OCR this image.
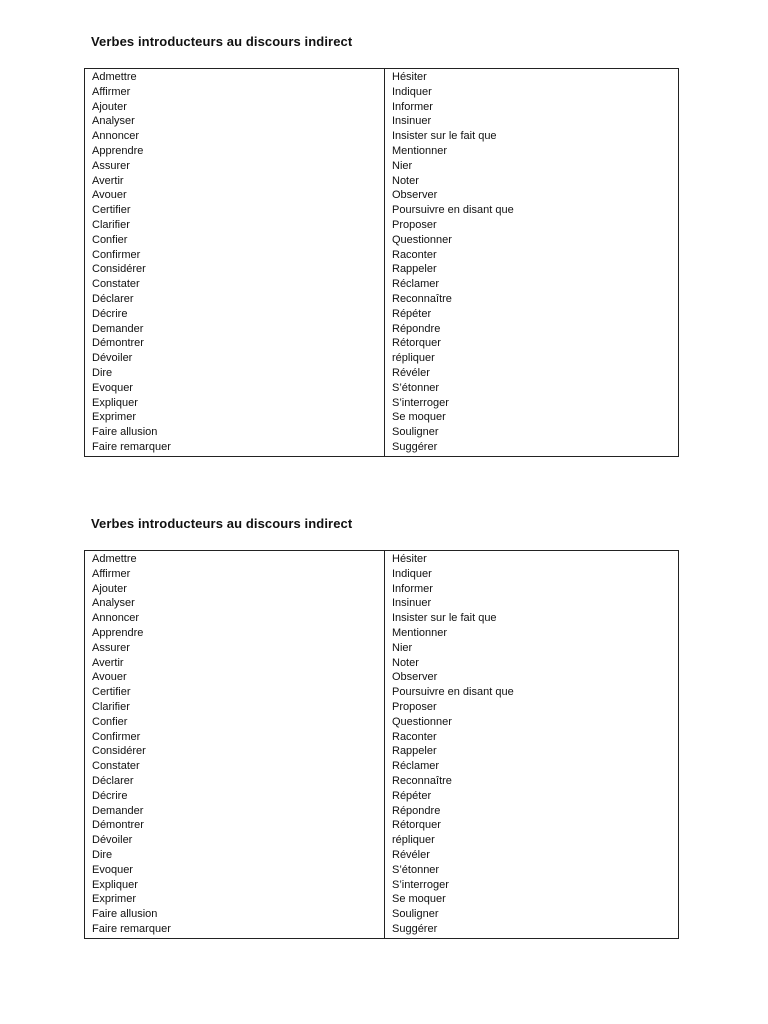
Verbes introducteurs au discours indirect
Admettre	Hésiter
Affirmer	Indiquer
Ajouter	Informer
Analyser	Insinuer
Annoncer	Insister sur le fait que
Apprendre	Mentionner
Assurer	Nier
Avertir	Noter
Avouer	Observer
Certifier	Poursuivre en disant que
Clarifier	Proposer
Confier	Questionner
Confirmer	Raconter
Considérer	Rappeler
Constater	Réclamer
Déclarer	Reconnaître
Décrire	Répéter
Demander	Répondre
Démontrer	Rétorquer
Dévoiler	répliquer
Dire	Révéler
Evoquer	S’étonner
Expliquer	S’interroger
Exprimer	Se moquer
Faire allusion	Souligner
Faire remarquer	Suggérer
Verbes introducteurs au discours indirect
Admettre	Hésiter
Affirmer	Indiquer
Ajouter	Informer
Analyser	Insinuer
Annoncer	Insister sur le fait que
Apprendre	Mentionner
Assurer	Nier
Avertir	Noter
Avouer	Observer
Certifier	Poursuivre en disant que
Clarifier	Proposer
Confier	Questionner
Confirmer	Raconter
Considérer	Rappeler
Constater	Réclamer
Déclarer	Reconnaître
Décrire	Répéter
Demander	Répondre
Démontrer	Rétorquer
Dévoiler	répliquer
Dire	Révéler
Evoquer	S’étonner
Expliquer	S’interroger
Exprimer	Se moquer
Faire allusion	Souligner
Faire remarquer	Suggérer
